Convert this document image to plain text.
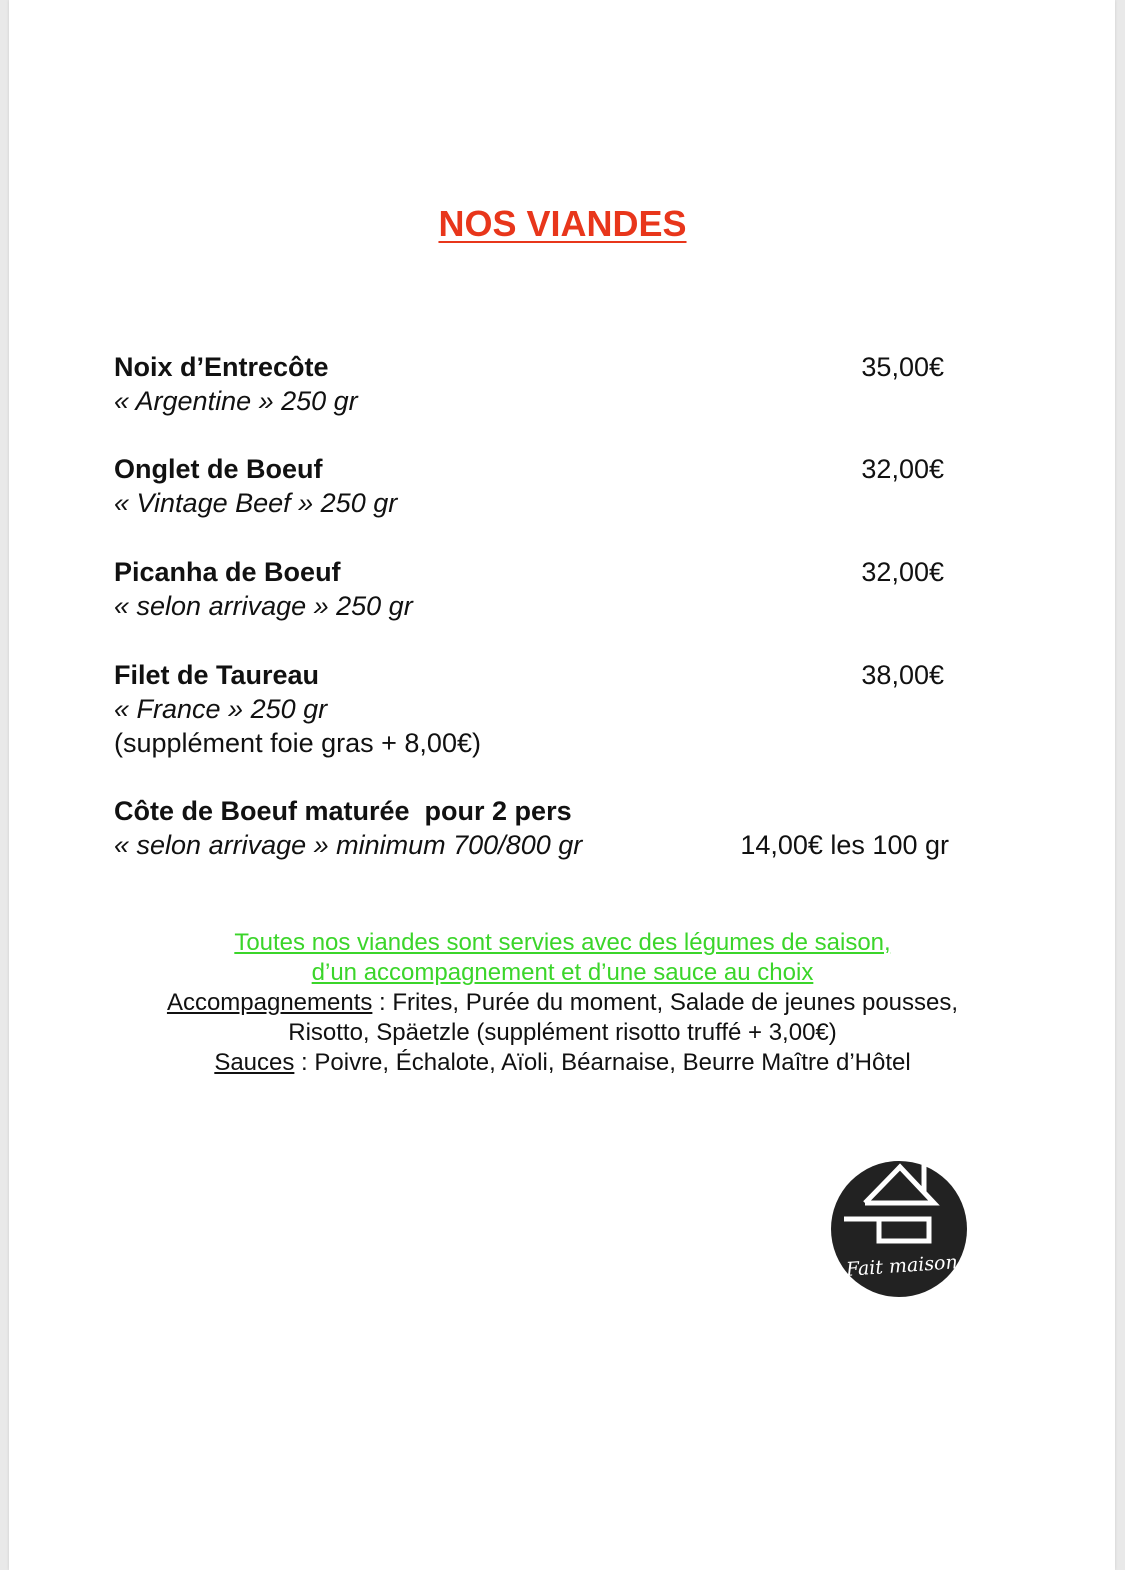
NOS VIANDES
Noix d’Entrecôte
« Argentine » 250 gr
35,00€
Onglet de Boeuf
« Vintage Beef » 250 gr
32,00€
Picanha de Boeuf
« selon arrivage » 250 gr
32,00€
Filet de Taureau
« France » 250 gr
(supplément foie gras + 8,00€)
38,00€
Côte de Boeuf maturée  pour 2 pers
« selon arrivage » minimum 700/800 gr	14,00€ les 100 gr
Toutes nos viandes sont servies avec des légumes de saison,
d’un accompagnement et d’une sauce au choix
Accompagnements : Frites, Purée du moment, Salade de jeunes pousses,
Risotto, Späetzle (supplément risotto truffé + 3,00€)
Sauces : Poivre, Échalote, Aïoli, Béarnaise, Beurre Maître d’Hôtel
Fait maison
